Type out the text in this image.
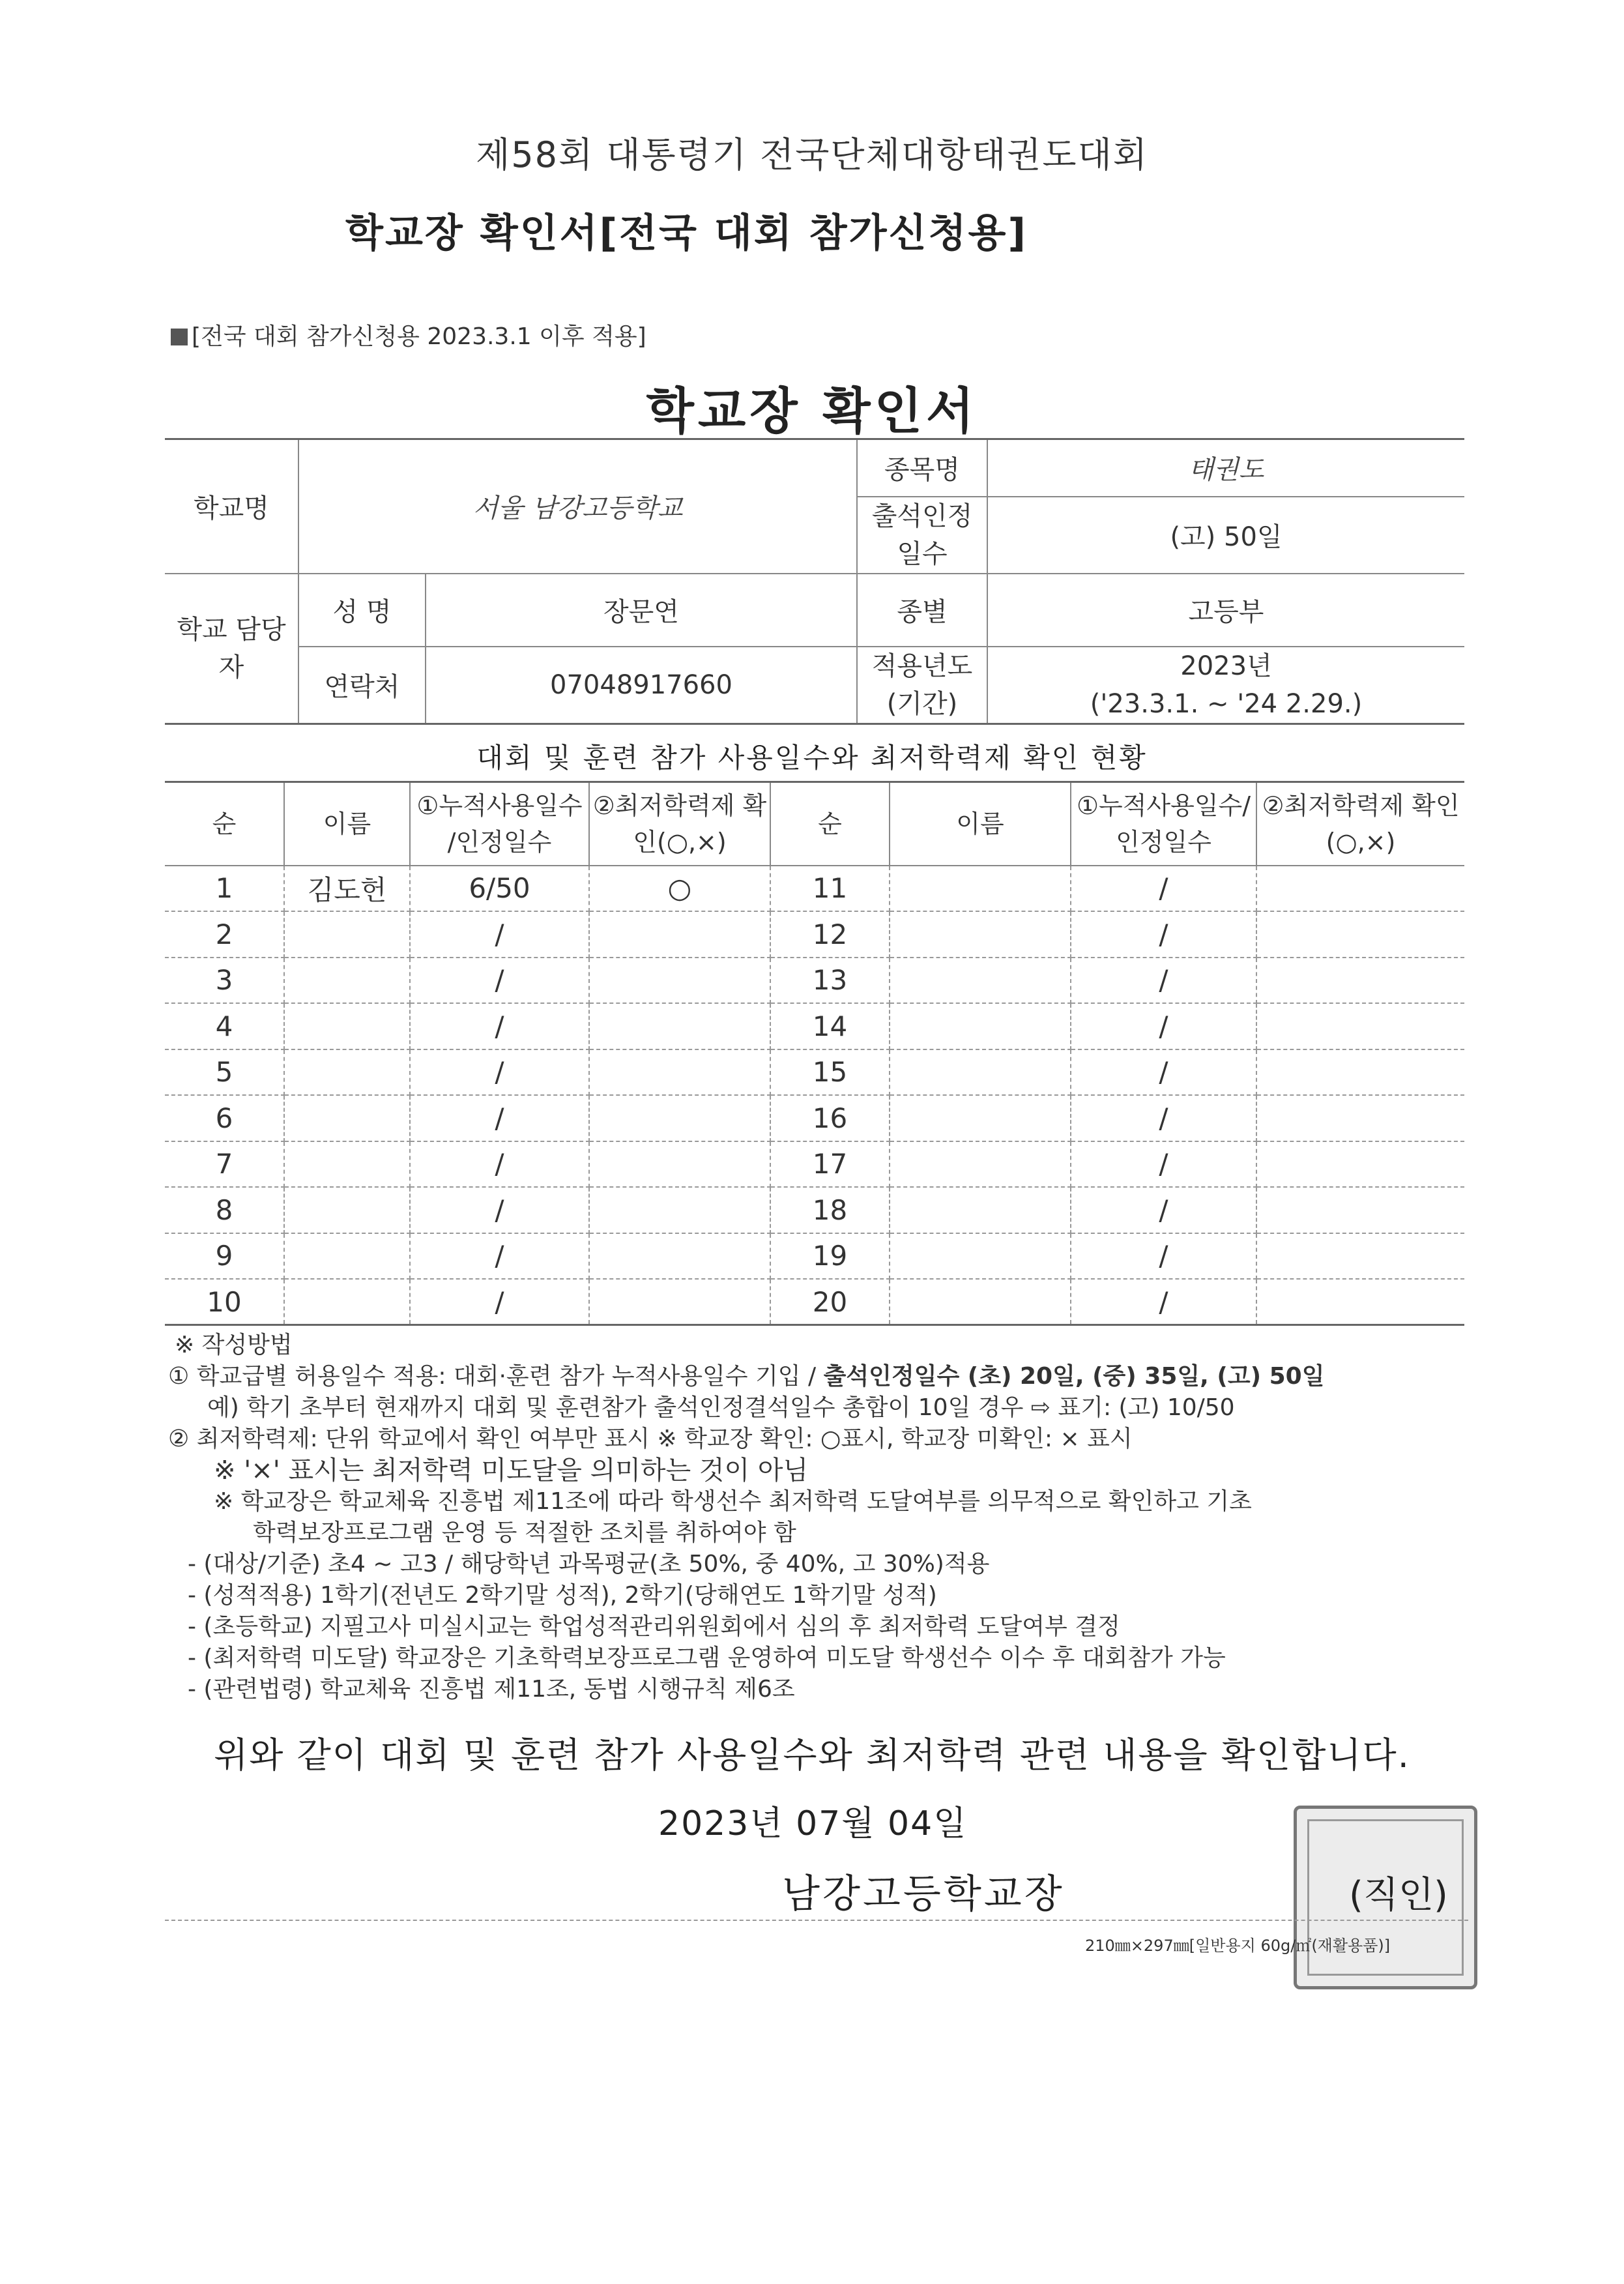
제58회 대통령기 전국단체대항태권도대회
학교장 확인서[전국 대회 참가신청용]
[전국 대회 참가신청용 2023.3.1 이후 적용]
학교장 확인서
학교명	서울 남강고등학교		종목명	태권도
			출석인정 일수	(고) 50일
학교 담당자	성 명	장문연	종별	고등부
	연락처	07048917660	적용년도 (기간)	2023년
('23.3.1. ~ '24 2.29.)
대회 및 훈련 참가 사용일수와 최저학력제 확인 현황
순	이름	①누적사용일수 /인정일수	②최저학력제 확인(○,×)	순	이름	①누적사용일수/ 인정일수	②최저학력제 확인(○,×)
1	김도헌	6/50	○	11		/	
2		/		12		/	
3		/		13		/	
4		/		14		/	
5		/		15		/	
6		/		16		/	
7		/		17		/	
8		/		18		/	
9		/		19		/	
10		/		20		/	
※ 작성방법
① 학교급별 허용일수 적용: 대회·훈련 참가 누적사용일수 기입 / 출석인정일수 (초) 20일, (중) 35일, (고) 50일
예) 학기 초부터 현재까지 대회 및 훈련참가 출석인정결석일수 총합이 10일 경우 ⇨ 표기: (고) 10/50
② 최저학력제: 단위 학교에서 확인 여부만 표시 ※ 학교장 확인: ○표시, 학교장 미확인: × 표시
※ '×' 표시는 최저학력 미도달을 의미하는 것이 아님
※ 학교장은 학교체육 진흥법 제11조에 따라 학생선수 최저학력 도달여부를 의무적으로 확인하고 기초
학력보장프로그램 운영 등 적절한 조치를 취하여야 함
- (대상/기준) 초4 ~ 고3 / 해당학년 과목평균(초 50%, 중 40%, 고 30%)적용
- (성적적용) 1학기(전년도 2학기말 성적), 2학기(당해연도 1학기말 성적)
- (초등학교) 지필고사 미실시교는 학업성적관리위원회에서 심의 후 최저학력 도달여부 결정
- (최저학력 미도달) 학교장은 기초학력보장프로그램 운영하여 미도달 학생선수 이수 후 대회참가 가능
- (관련법령) 학교체육 진흥법 제11조, 동법 시행규칙 제6조
위와 같이 대회 및 훈련 참가 사용일수와 최저학력 관련 내용을 확인합니다.
2023년 07월 04일
남강고등학교장	(직인)
210㎜×297㎜[일반용지 60g/㎡(재활용품)]
